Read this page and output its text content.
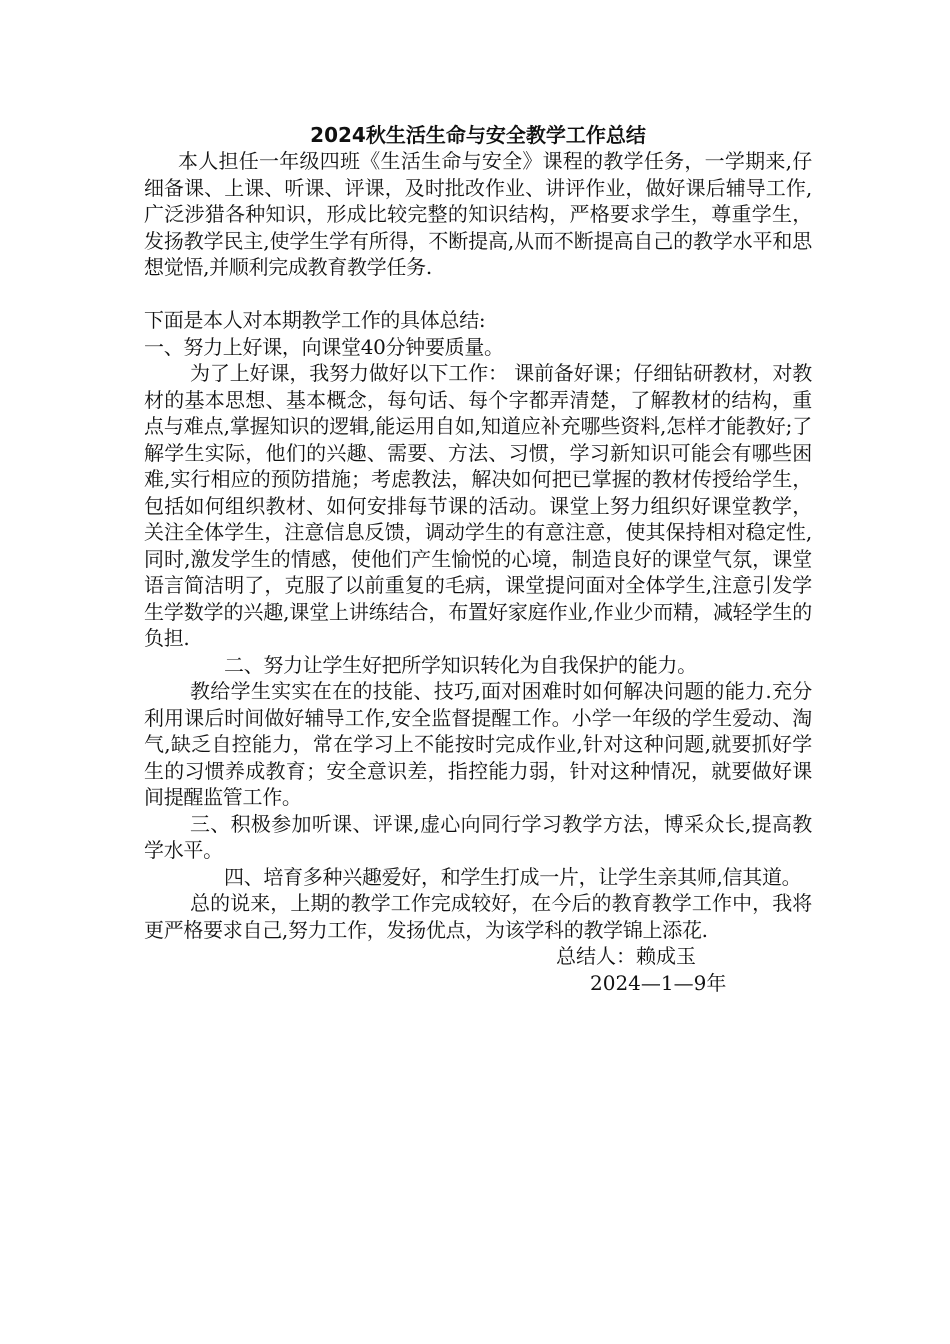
2024秋生活生命与安全教学工作总结

本人担任一年级四班《生活生命与安全》课程的教学任务，一学期来,仔细备课、上课、听课、评课，及时批改作业、讲评作业，做好课后辅导工作,广泛涉猎各种知识，形成比较完整的知识结构，严格要求学生，尊重学生，发扬教学民主,使学生学有所得，不断提高,从而不断提高自己的教学水平和思想觉悟,并顺利完成教育教学任务.

下面是本人对本期教学工作的具体总结:

一、努力上好课，向课堂40分钟要质量。

为了上好课，我努力做好以下工作： 课前备好课；仔细钻研教材，对教材的基本思想、基本概念，每句话、每个字都弄清楚，了解教材的结构，重点与难点,掌握知识的逻辑,能运用自如,知道应补充哪些资料,怎样才能教好;了解学生实际，他们的兴趣、需要、方法、习惯，学习新知识可能会有哪些困难,实行相应的预防措施；考虑教法，解决如何把已掌握的教材传授给学生，包括如何组织教材、如何安排每节课的活动。课堂上努力组织好课堂教学，关注全体学生，注意信息反馈，调动学生的有意注意，使其保持相对稳定性,同时,激发学生的情感，使他们产生愉悦的心境，制造良好的课堂气氛，课堂语言简洁明了，克服了以前重复的毛病，课堂提问面对全体学生,注意引发学生学数学的兴趣,课堂上讲练结合，布置好家庭作业,作业少而精，减轻学生的负担.

二、努力让学生好把所学知识转化为自我保护的能力。

教给学生实实在在的技能、技巧,面对困难时如何解决问题的能力.充分利用课后时间做好辅导工作,安全监督提醒工作。小学一年级的学生爱动、淘气,缺乏自控能力，常在学习上不能按时完成作业,针对这种问题,就要抓好学生的习惯养成教育；安全意识差，指控能力弱，针对这种情况，就要做好课间提醒监管工作。

三、积极参加听课、评课,虚心向同行学习教学方法，博采众长,提高教学水平。

四、培育多种兴趣爱好，和学生打成一片，让学生亲其师,信其道。

总的说来，上期的教学工作完成较好，在今后的教育教学工作中，我将更严格要求自己,努力工作，发扬优点，为该学科的教学锦上添花.

总结人：赖成玉

2024—1—9年
